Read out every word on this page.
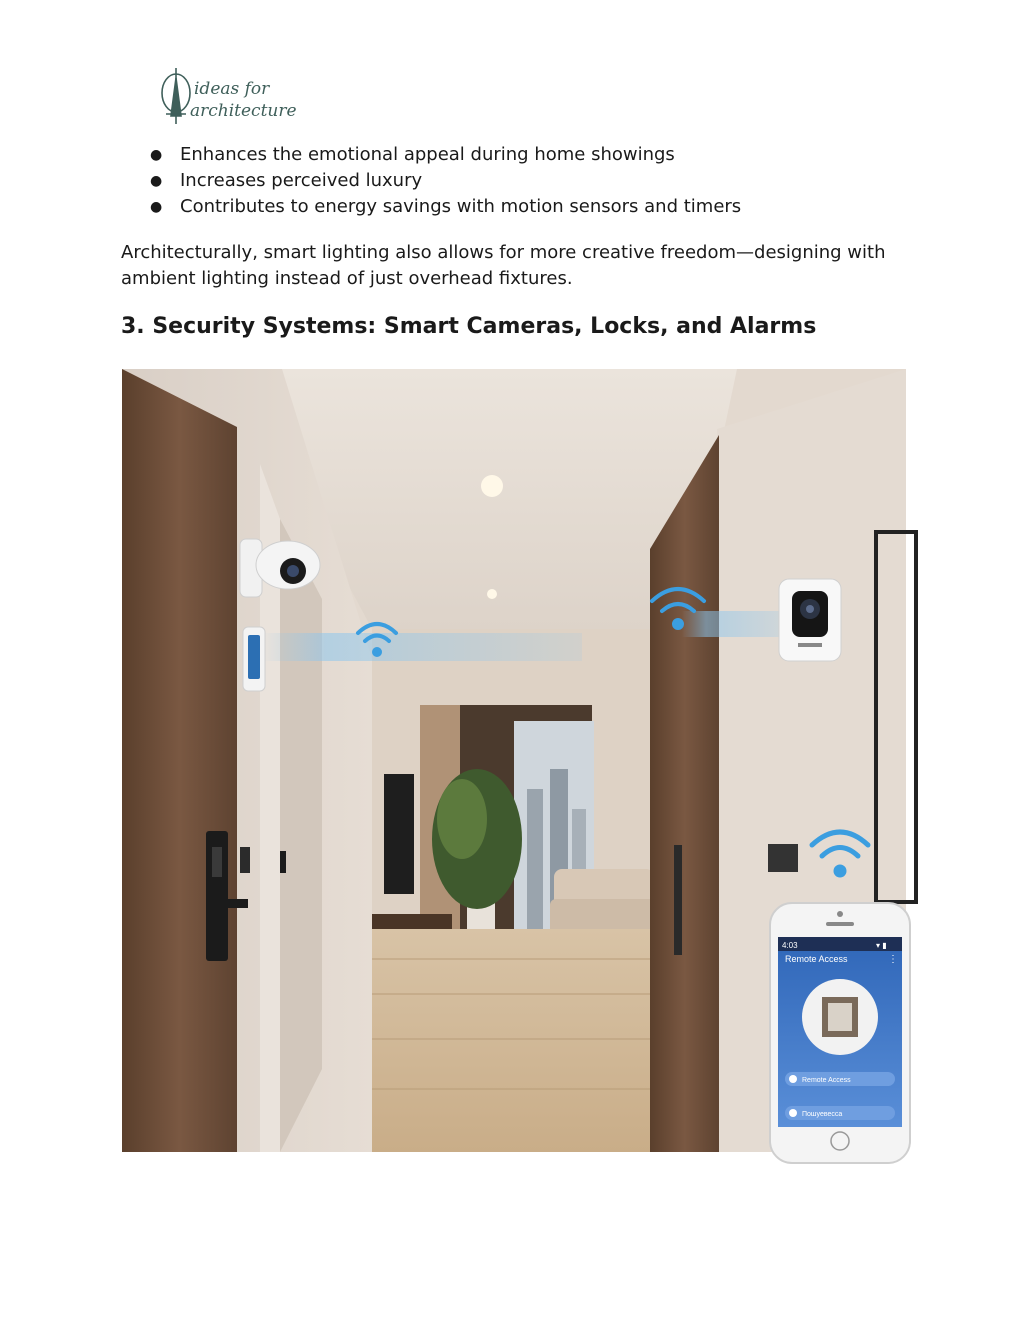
ideas for
architecture
● Enhances the emotional appeal during home showings
● Increases perceived luxury
● Contributes to energy savings with motion sensors and timers

Architecturally, smart lighting also allows for more creative freedom—designing with ambient lighting instead of just overhead fixtures.

3. Security Systems: Smart Cameras, Locks, and Alarms
4:03	▾ ▮
Remote Access	⋮
Remote Access
Пошуевесса
